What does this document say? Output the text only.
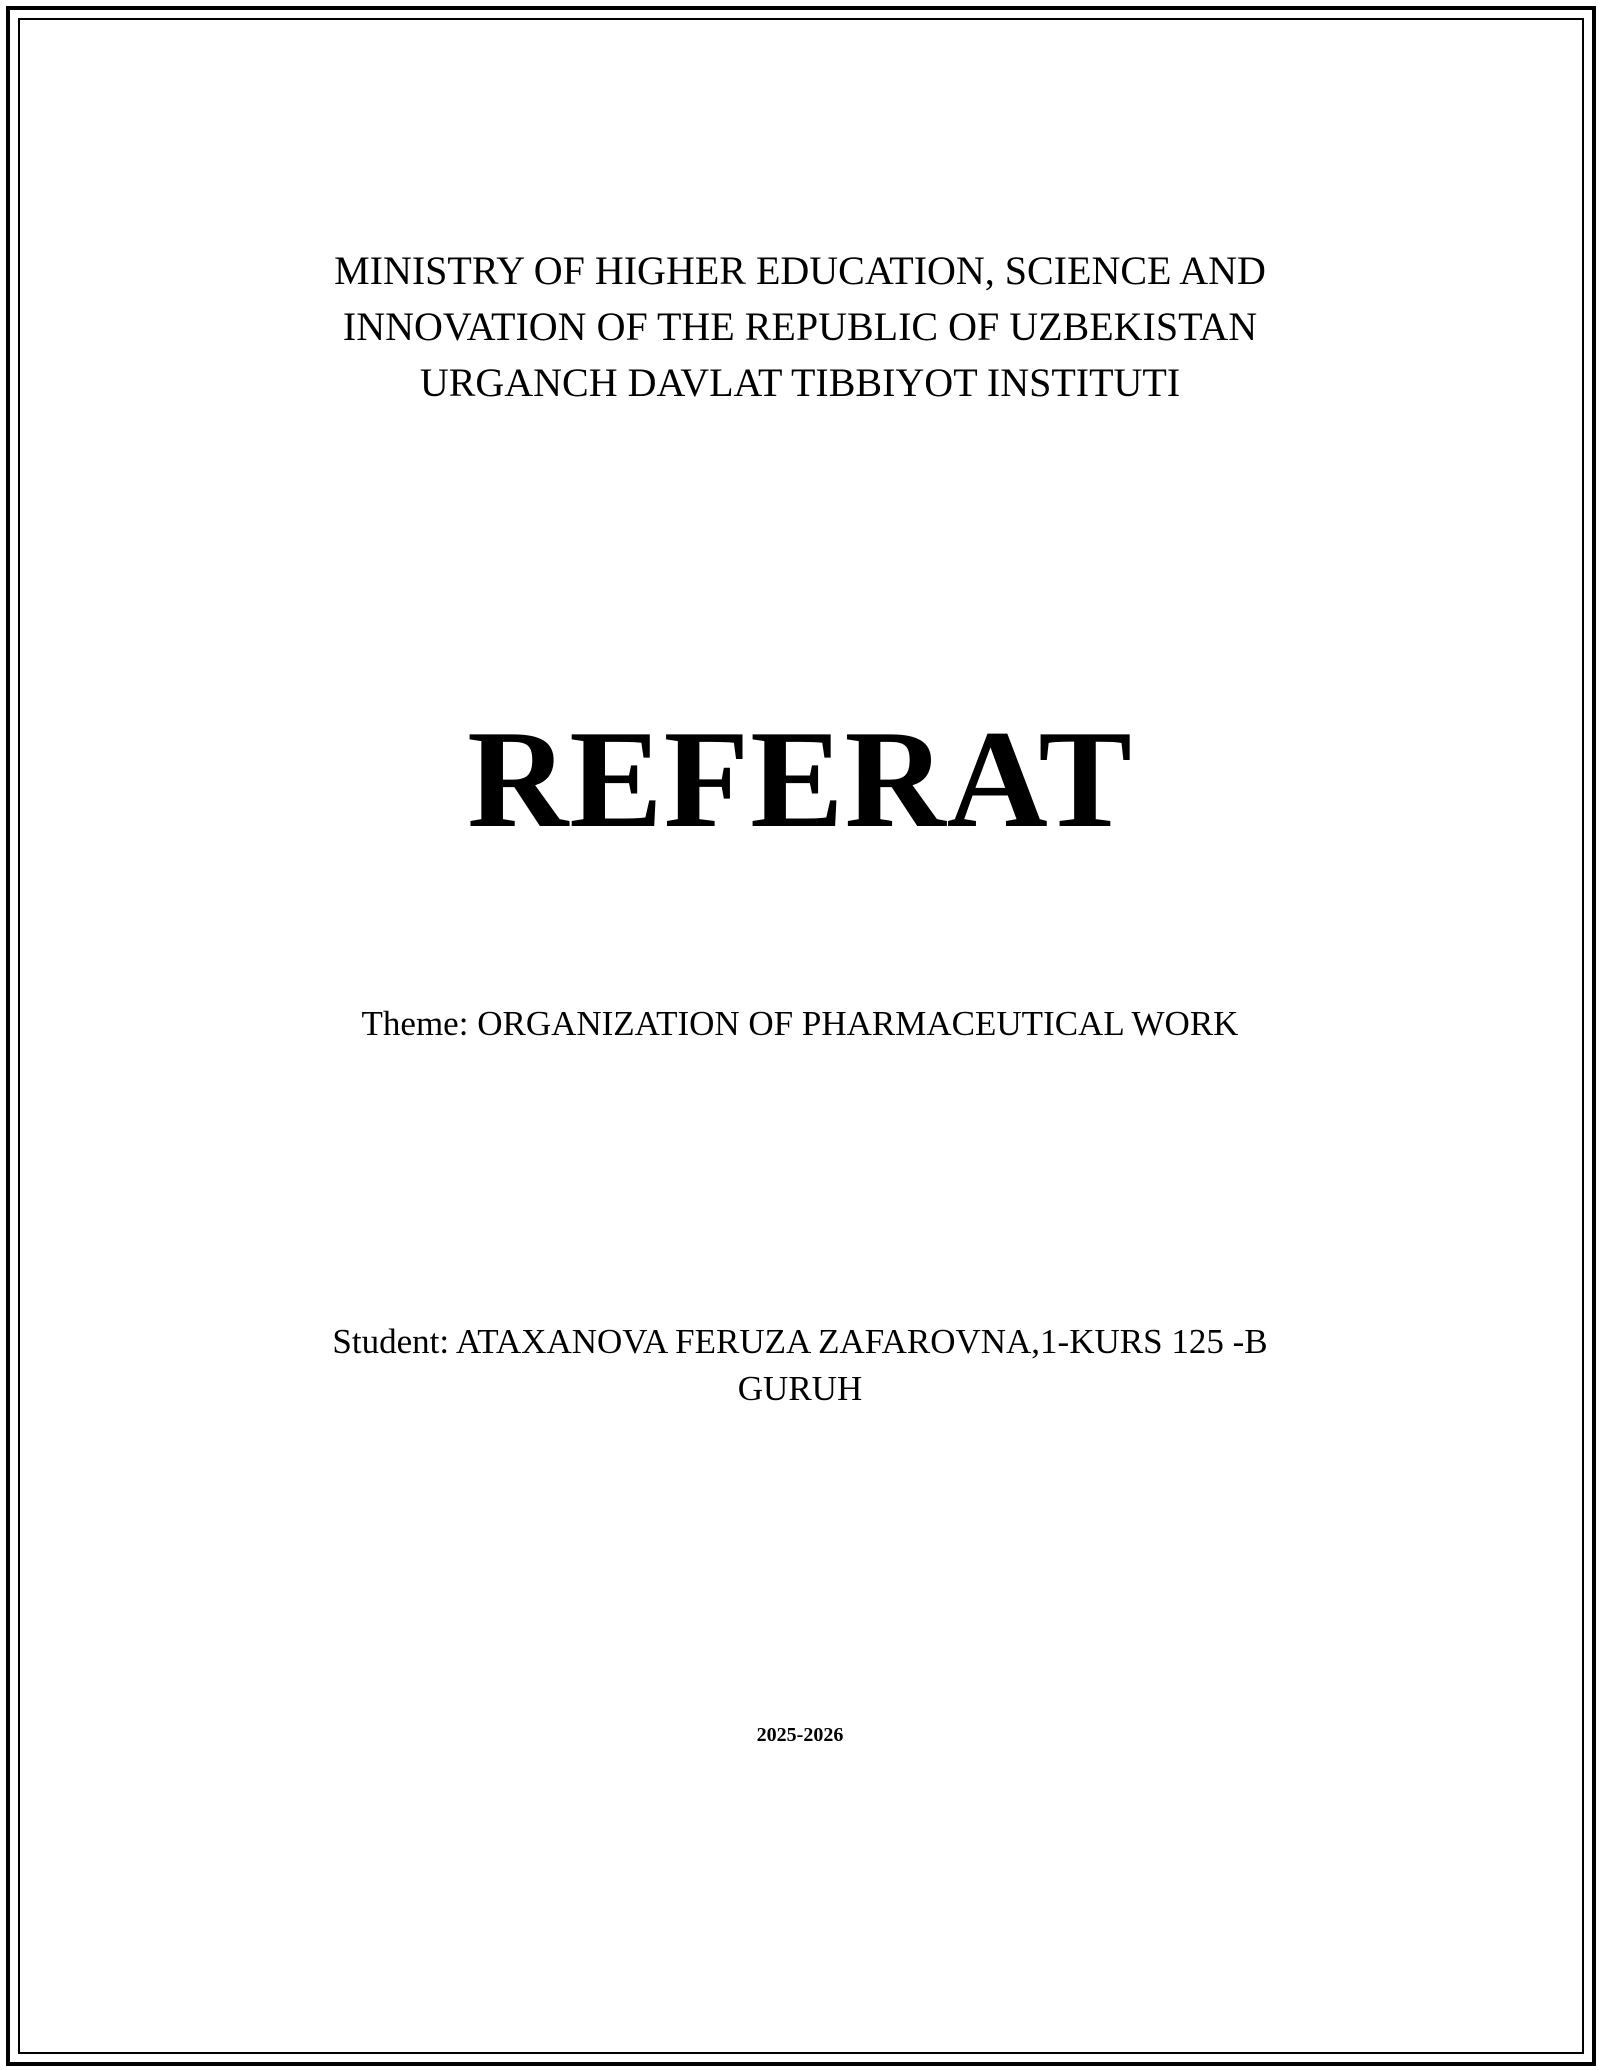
MINISTRY OF HIGHER EDUCATION, SCIENCE AND
INNOVATION OF THE REPUBLIC OF UZBEKISTAN
URGANCH DAVLAT TIBBIYOT INSTITUTI
REFERAT
Theme: ORGANIZATION OF PHARMACEUTICAL WORK
Student: ATAXANOVA FERUZA ZAFAROVNA,1-KURS 125 -B
GURUH
2025-2026
